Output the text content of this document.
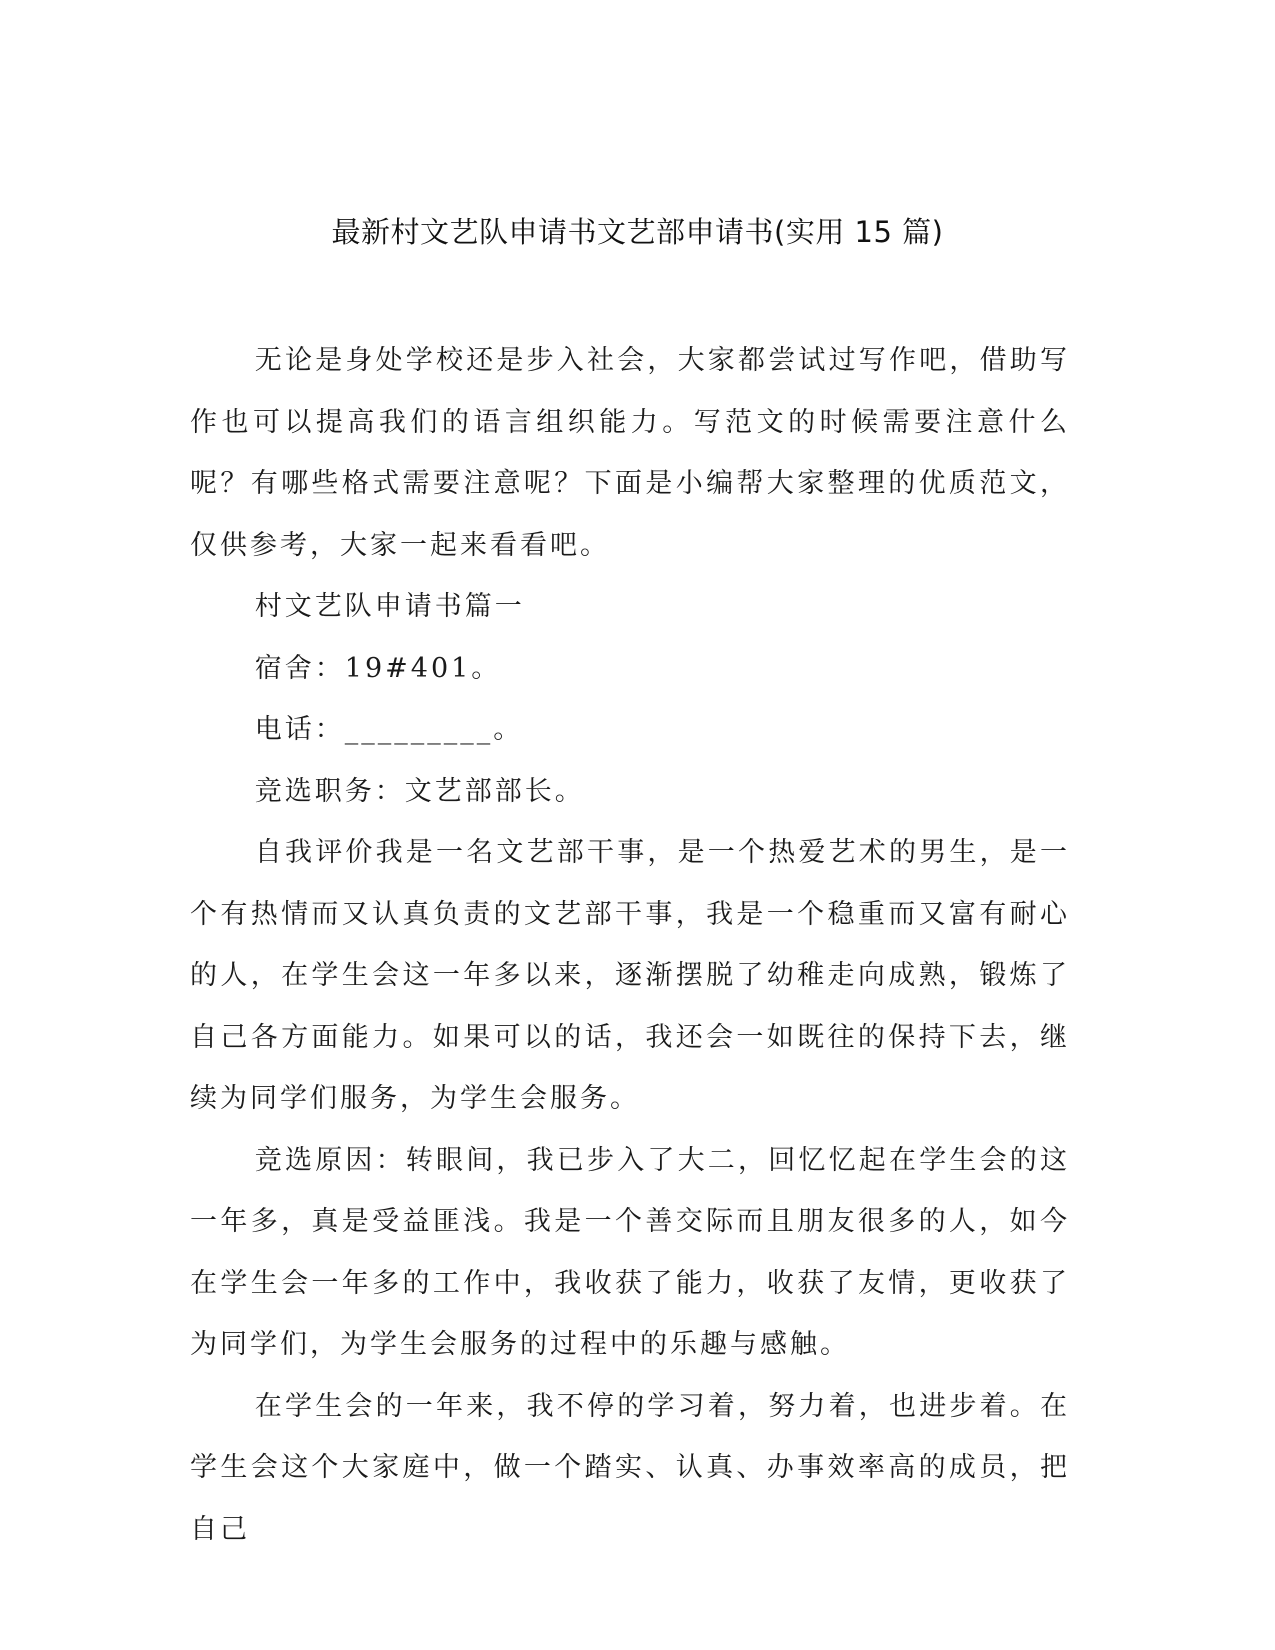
最新村文艺队申请书文艺部申请书(实用 15 篇)

无论是身处学校还是步入社会，大家都尝试过写作吧，借助写作也可以提高我们的语言组织能力。写范文的时候需要注意什么呢？有哪些格式需要注意呢？下面是小编帮大家整理的优质范文，仅供参考，大家一起来看看吧。

村文艺队申请书篇一

宿舍：19#401。

电话：_________。

竞选职务：文艺部部长。

自我评价我是一名文艺部干事，是一个热爱艺术的男生，是一个有热情而又认真负责的文艺部干事，我是一个稳重而又富有耐心的人，在学生会这一年多以来，逐渐摆脱了幼稚走向成熟，锻炼了自己各方面能力。如果可以的话，我还会一如既往的保持下去，继续为同学们服务，为学生会服务。

竞选原因：转眼间，我已步入了大二，回忆忆起在学生会的这一年多，真是受益匪浅。我是一个善交际而且朋友很多的人，如今在学生会一年多的工作中，我收获了能力，收获了友情，更收获了为同学们，为学生会服务的过程中的乐趣与感触。

在学生会的一年来，我不停的学习着，努力着，也进步着。在学生会这个大家庭中，做一个踏实、认真、办事效率高的成员，把自己
